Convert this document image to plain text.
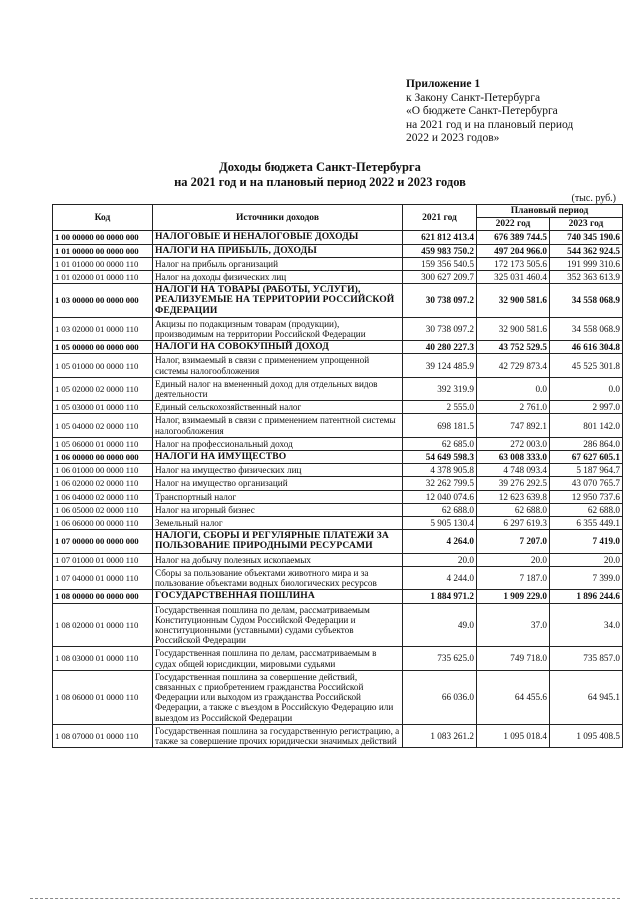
Приложение 1
к Закону Санкт-Петербурга
«О бюджете Санкт-Петербурга
на 2021 год и на плановый период
2022 и 2023 годов»
Доходы бюджета Санкт-Петербурга
на 2021 год и на плановый период 2022 и 2023 годов
(тыс. руб.)
Код	Источники доходов	2021 год	Плановый период	
			2022 год	2023 год
1 00 00000 00 0000 000	НАЛОГОВЫЕ И НЕНАЛОГОВЫЕ ДОХОДЫ	621 812 413.4	676 389 744.5	740 345 190.6
1 01 00000 00 0000 000	НАЛОГИ НА ПРИБЫЛЬ, ДОХОДЫ	459 983 750.2	497 204 966.0	544 362 924.5
1 01 01000 00 0000 110	Налог на прибыль организаций	159 356 540.5	172 173 505.6	191 999 310.6
1 01 02000 01 0000 110	Налог на доходы физических лиц	300 627 209.7	325 031 460.4	352 363 613.9
1 03 00000 00 0000 000	НАЛОГИ НА ТОВАРЫ (РАБОТЫ, УСЛУГИ), РЕАЛИЗУЕМЫЕ НА ТЕРРИТОРИИ РОССИЙСКОЙ ФЕДЕРАЦИИ	30 738 097.2	32 900 581.6	34 558 068.9
1 03 02000 01 0000 110	Акцизы по подакцизным товарам (продукции), производимым на территории Российской Федерации	30 738 097.2	32 900 581.6	34 558 068.9
1 05 00000 00 0000 000	НАЛОГИ НА СОВОКУПНЫЙ ДОХОД	40 280 227.3	43 752 529.5	46 616 304.8
1 05 01000 00 0000 110	Налог, взимаемый в связи с применением упрощенной системы налогообложения	39 124 485.9	42 729 873.4	45 525 301.8
1 05 02000 02 0000 110	Единый налог на вмененный доход для отдельных видов деятельности	392 319.9	0.0	0.0
1 05 03000 01 0000 110	Единый сельскохозяйственный налог	2 555.0	2 761.0	2 997.0
1 05 04000 02 0000 110	Налог, взимаемый в связи с применением патентной системы налогообложения	698 181.5	747 892.1	801 142.0
1 05 06000 01 0000 110	Налог на профессиональный доход	62 685.0	272 003.0	286 864.0
1 06 00000 00 0000 000	НАЛОГИ НА ИМУЩЕСТВО	54 649 598.3	63 008 333.0	67 627 605.1
1 06 01000 00 0000 110	Налог на имущество физических лиц	4 378 905.8	4 748 093.4	5 187 964.7
1 06 02000 02 0000 110	Налог на имущество организаций	32 262 799.5	39 276 292.5	43 070 765.7
1 06 04000 02 0000 110	Транспортный налог	12 040 074.6	12 623 639.8	12 950 737.6
1 06 05000 02 0000 110	Налог на игорный бизнес	62 688.0	62 688.0	62 688.0
1 06 06000 00 0000 110	Земельный налог	5 905 130.4	6 297 619.3	6 355 449.1
1 07 00000 00 0000 000	НАЛОГИ, СБОРЫ И РЕГУЛЯРНЫЕ ПЛАТЕЖИ ЗА ПОЛЬЗОВАНИЕ ПРИРОДНЫМИ РЕСУРСАМИ	4 264.0	7 207.0	7 419.0
1 07 01000 01 0000 110	Налог на добычу полезных ископаемых	20.0	20.0	20.0
1 07 04000 01 0000 110	Сборы за пользование объектами животного мира и за пользование объектами водных биологических ресурсов	4 244.0	7 187.0	7 399.0
1 08 00000 00 0000 000	ГОСУДАРСТВЕННАЯ ПОШЛИНА	1 884 971.2	1 909 229.0	1 896 244.6
1 08 02000 01 0000 110	Государственная пошлина по делам, рассматриваемым Конституционным Судом Российской Федерации и конституционными (уставными) судами субъектов Российской Федерации	49.0	37.0	34.0
1 08 03000 01 0000 110	Государственная пошлина по делам, рассматриваемым в судах общей юрисдикции, мировыми судьями	735 625.0	749 718.0	735 857.0
1 08 06000 01 0000 110	Государственная пошлина за совершение действий, связанных с приобретением гражданства Российской Федерации или выходом из гражданства Российской Федерации, а также с въездом в Российскую Федерацию или выездом из Российской Федерации	66 036.0	64 455.6	64 945.1
1 08 07000 01 0000 110	Государственная пошлина за государственную регистрацию, а также за совершение прочих юридически значимых действий	1 083 261.2	1 095 018.4	1 095 408.5
